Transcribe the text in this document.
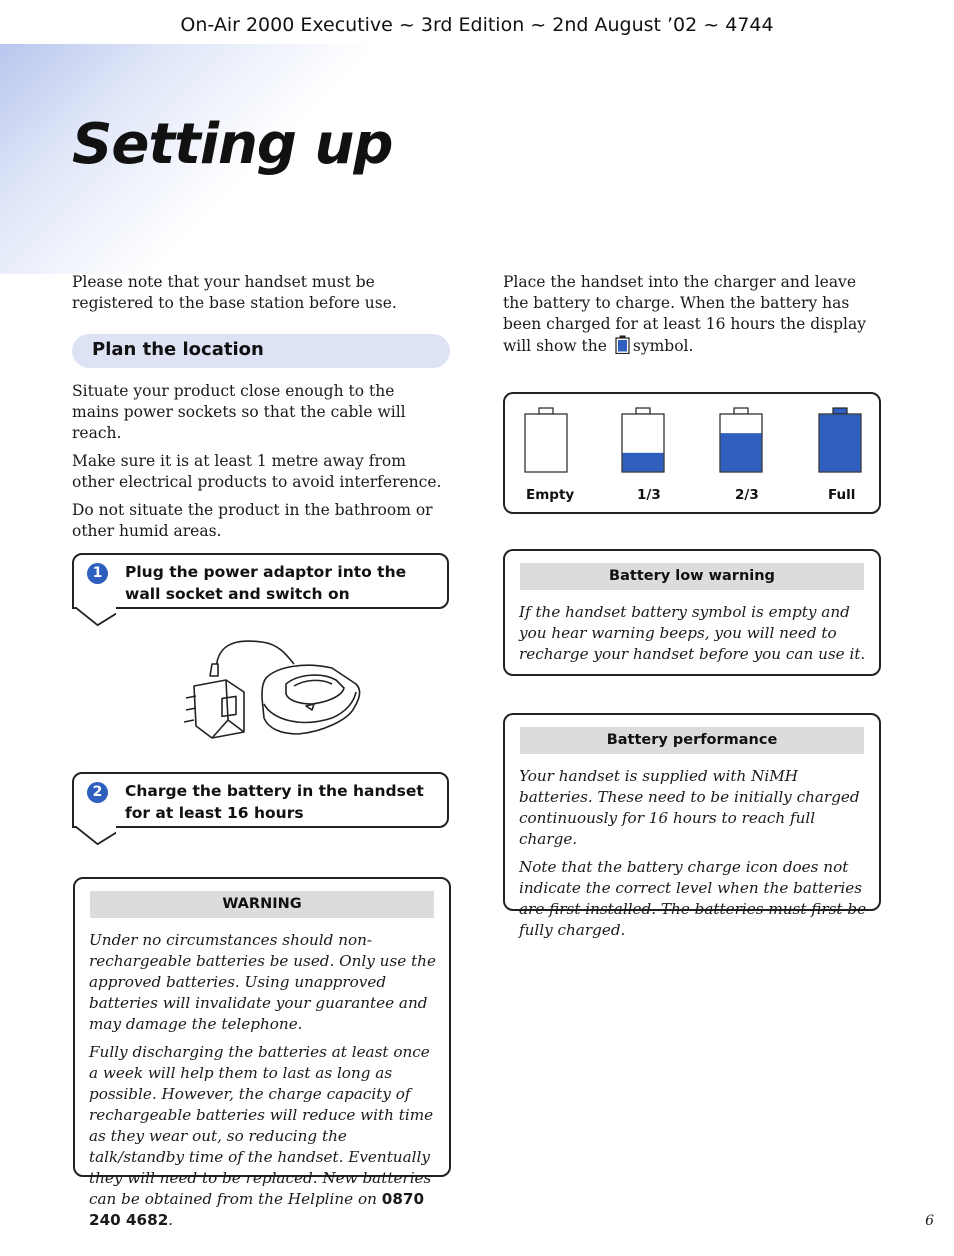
On-Air 2000 Executive ~ 3rd Edition ~ 2nd August ’02 ~ 4744
Setting up

Please note that your handset must be registered to the base station before use.

Plan the location

Situate your product close enough to the mains power sockets so that the cable will reach.

Make sure it is at least 1 metre away from other electrical products to avoid interference.

Do not situate the product in the bathroom or other humid areas.

1	Plug the power adaptor into the wall socket and switch on
2	Charge the battery in the handset for at least 16 hours
WARNING

Under no circumstances should non-rechargeable batteries be used. Only use the approved batteries. Using unapproved batteries will invalidate your guarantee and may damage the telephone.

Fully discharging the batteries at least once a week will help them to last as long as possible. However, the charge capacity of rechargeable batteries will reduce with time as they wear out, so reducing the talk/standby time of the handset. Eventually they will need to be replaced. New batteries can be obtained from the Helpline on 0870 240 4682.

Place the handset into the charger and leave the battery to charge. When the battery has been charged for at least 16 hours the display will show the symbol.

Empty	1/3	2/3	Full
Battery low warning

If the handset battery symbol is empty and you hear warning beeps, you will need to recharge your handset before you can use it.

Battery performance

Your handset is supplied with NiMH batteries. These need to be initially charged continuously for 16 hours to reach full charge.

Note that the battery charge icon does not indicate the correct level when the batteries are first installed. The batteries must first be fully charged.

6
